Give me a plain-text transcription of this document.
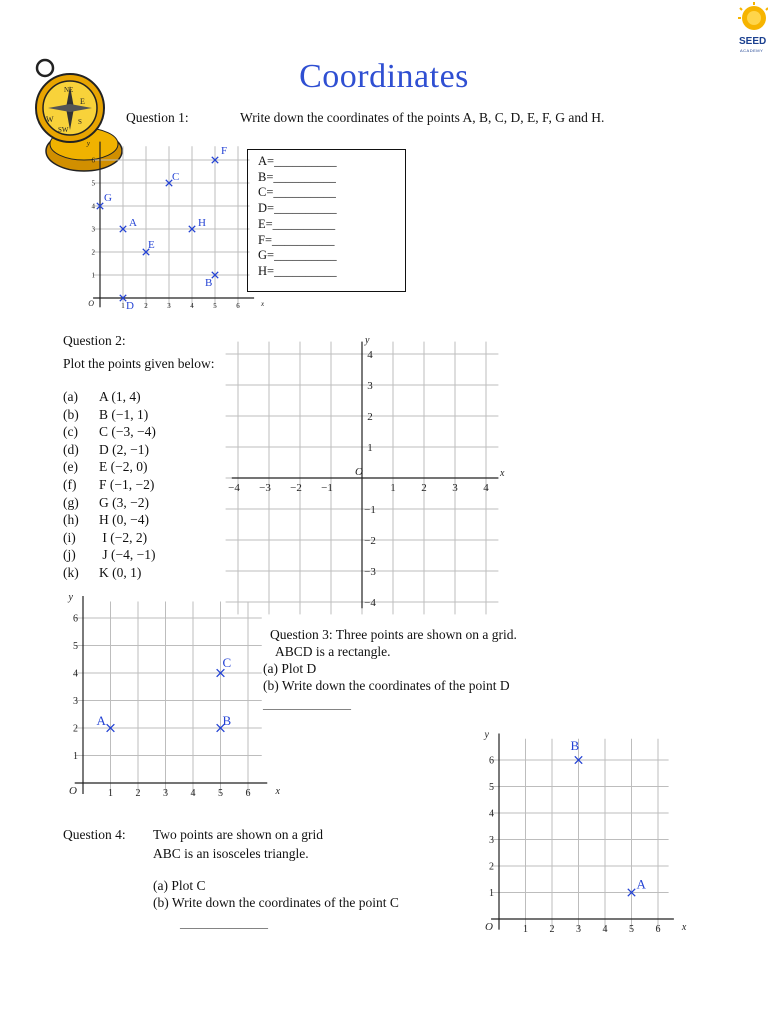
Coordinates
SEED
ACADEMY
NE
E
W
SW
S	Question 1:	Write down the coordinates of the points A, B, C, D, E, F, G and H.
1	2	3	4	5	6
1
2
3
4
5
6
O	x
y
A
B
C
D
E
F
G
H
A=__________
B=__________
C=__________
D=__________
E=__________
F=__________
G=__________
H=__________
Question 2:
Plot the points given below:
(a) A (1, 4)
(b) B (−1, 1)
(c) C (−3, −4)
(d) D (2, −1)
(e) E (−2, 0)
(f) F (−1, −2)
(g) G (3, −2)
(h) H (0, −4)
(i) I (−2, 2)
(j) J (−4, −1)
(k) K (0, 1)
−4 −3 −2 −1	1 2 3 4
−4
−3
−2
−1
1
2
3
4
O	x
y
1 2 3 4 5 6
1
2
3
4
5
6
O	x
y
A	B
C
Question 3: Three points are shown on a grid.
ABCD is a rectangle.
(a) Plot D
(b) Write down the coordinates of the point D
________________
Question 4: Two points are shown on a grid
ABC is an isosceles triangle.
(a) Plot C
(b) Write down the coordinates of the point C
________________	1 2 3 4 5 6
1
2
3
4
5
6
O	x
y
A
B
